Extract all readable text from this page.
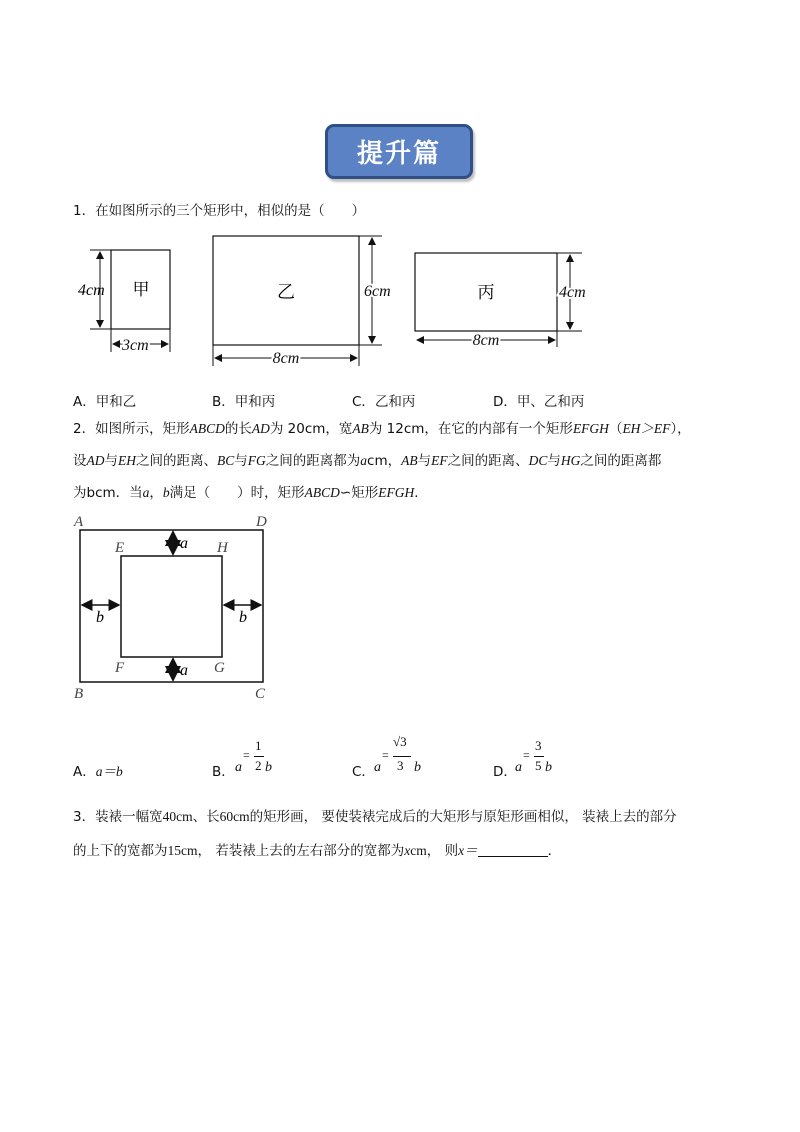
提升篇
1．在如图所示的三个矩形中，相似的是（　　）
甲
4cm
3cm
乙	6cm
8cm
丙	4cm
8cm
A．甲和乙	B．甲和丙	C．乙和丙	D．甲、乙和丙
2．如图所示，矩形ABCD的长AD为 20cm，宽AB为 12cm，在它的内部有一个矩形EFGH（EH＞EF），
设AD与EH之间的距离、BC与FG之间的距离都为acm，AB与EF之间的距离、DC与HG之间的距离都
为bcm．当a，b满足（　　）时，矩形ABCD∽矩形EFGH．
A	D
B	C
E	H
F	G
a
a
b	b
A．a＝b	B． a
=
1
2 b	C． a
=
√3
3 b	D．
a
=
3
5 b
3．装裱一幅宽40cm、长60cm的矩形画， 要使装裱完成后的大矩形与原矩形画相似， 装裱上去的部分
的上下的宽都为15cm， 若装裱上去的左右部分的宽都为xcm， 则x＝	．
